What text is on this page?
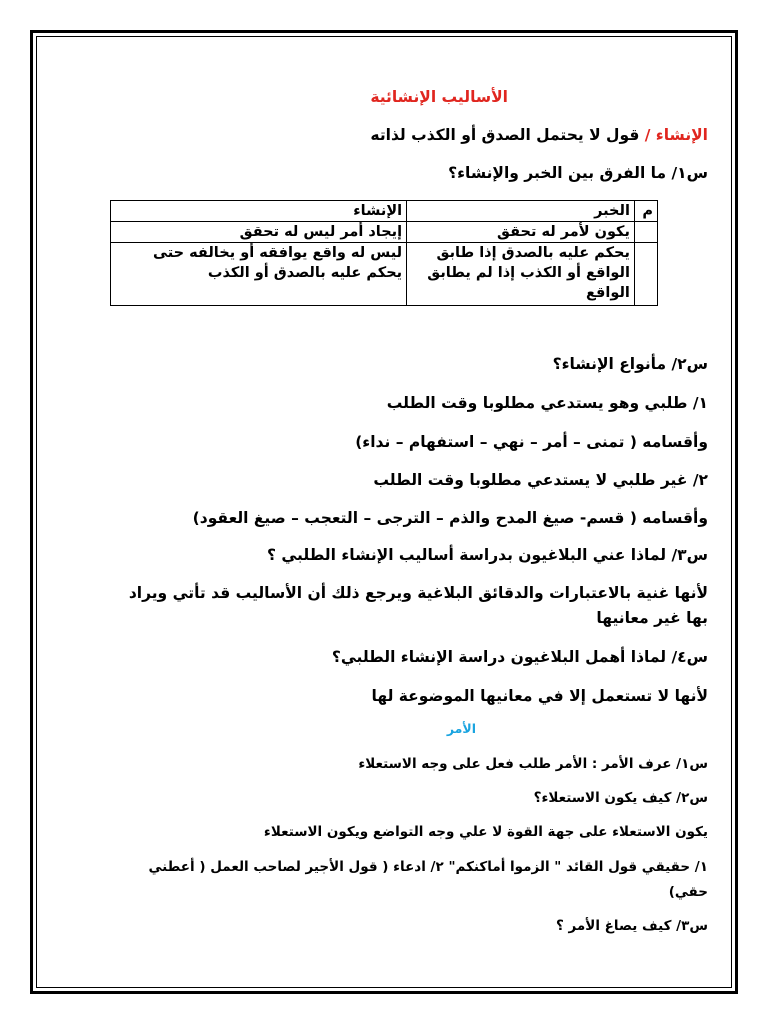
الأساليب الإنشائية
الإنشاء / قول لا يحتمل الصدق أو الكذب لذاته
س١/ ما الفرق بين الخبر والإنشاء؟
م	الخبر	الإنشاء
	يكون لأمر له تحقق	إيجاد أمر ليس له تحقق
	يحكم عليه بالصدق إذا طابق الواقع أو الكذب إذا لم يطابق الواقع	ليس له واقع يوافقه أو يخالفه حتى يحكم عليه بالصدق أو الكذب
س٢/ مأنواع الإنشاء؟
١/ طلبي وهو يستدعي مطلوبا وقت الطلب
وأقسامه ( تمنى – أمر – نهي – استفهام – نداء)
٢/ غير طلبي لا يستدعي مطلوبا وقت الطلب
وأقسامه ( قسم- صيغ المدح والذم – الترجى – التعجب – صيغ العقود)
س٣/ لماذا عني البلاغيون بدراسة أساليب الإنشاء الطلبي ؟
لأنها غنية بالاعتبارات والدقائق البلاغية ويرجع ذلك أن الأساليب قد تأتي ويراد
بها غير معانيها
س٤/ لماذا أهمل البلاغيون دراسة الإنشاء الطلبي؟
لأنها لا تستعمل إلا في معانيها الموضوعة لها
الأمر
س١/ عرف الأمر : الأمر طلب فعل على وجه الاستعلاء
س٢/ كيف يكون الاستعلاء؟
يكون الاستعلاء على جهة القوة لا علي وجه التواضع ويكون الاستعلاء
١/ حقيقي قول القائد " الزموا أماكنكم" ٢/ ادعاء ( قول الأجير لصاحب العمل ( أعطني
حقي)
س٣/ كيف يصاغ الأمر ؟
